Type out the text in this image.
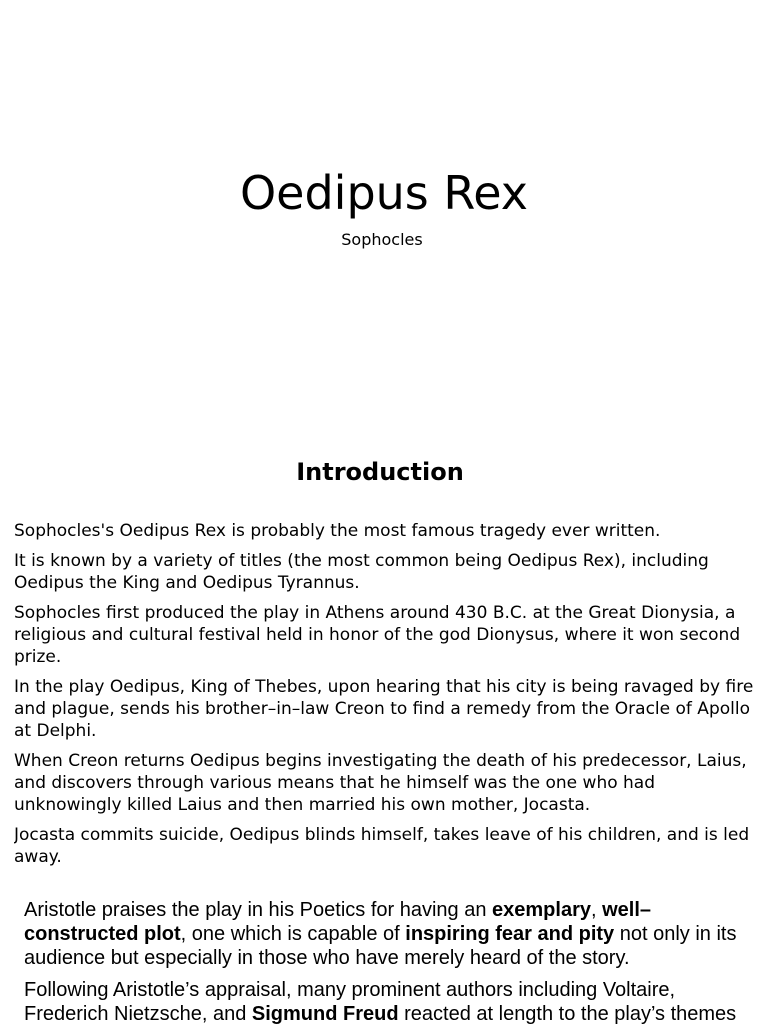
Oedipus Rex
Sophocles
Introduction

Sophocles's Oedipus Rex is probably the most famous tragedy ever written.

It is known by a variety of titles (the most common being Oedipus Rex), including Oedipus the King and Oedipus Tyrannus.

Sophocles first produced the play in Athens around 430 B.C. at the Great Dionysia, a religious and cultural festival held in honor of the god Dionysus, where it won second prize.

In the play Oedipus, King of Thebes, upon hearing that his city is being ravaged by fire and plague, sends his brother–in–law Creon to find a remedy from the Oracle of Apollo at Delphi.

When Creon returns Oedipus begins investigating the death of his predecessor, Laius, and discovers through various means that he himself was the one who had unknowingly killed Laius and then married his own mother, Jocasta.

Jocasta commits suicide, Oedipus blinds himself, takes leave of his children, and is led away.

Aristotle praises the play in his Poetics for having an exemplary, well–constructed plot, one which is capable of inspiring fear and pity not only in its audience but especially in those who have merely heard of the story.

Following Aristotle’s appraisal, many prominent authors including Voltaire, Frederich Nietzsche, and Sigmund Freud reacted at length to the play’s themes
